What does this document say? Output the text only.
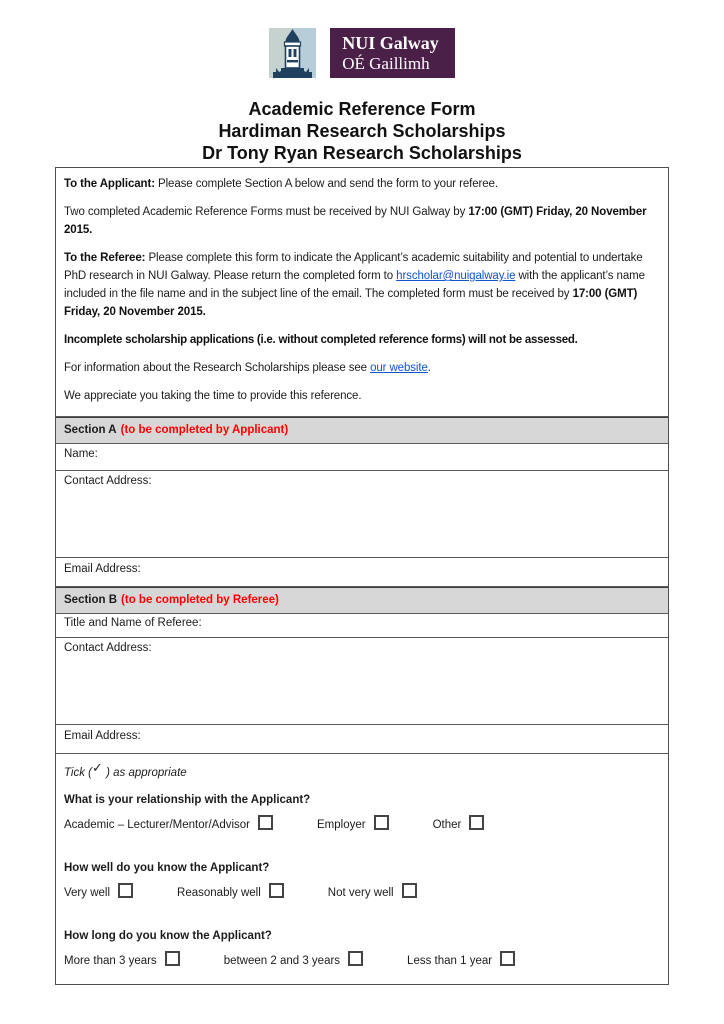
NUI Galway
OÉ Gaillimh
Academic Reference Form
Hardiman Research Scholarships
Dr Tony Ryan Research Scholarships

To the Applicant: Please complete Section A below and send the form to your referee.

Two completed Academic Reference Forms must be received by NUI Galway by 17:00 (GMT) Friday, 20 November 2015.

To the Referee: Please complete this form to indicate the Applicant’s academic suitability and potential to undertake PhD research in NUI Galway. Please return the completed form to hrscholar@nuigalway.ie with the applicant’s name included in the file name and in the subject line of the email. The completed form must be received by 17:00 (GMT) Friday, 20 November 2015.

Incomplete scholarship applications (i.e. without completed reference forms) will not be assessed.

For information about the Research Scholarships please see our website.

We appreciate you taking the time to provide this reference.

Section A (to be completed by Applicant)
Name:
Contact Address:
Email Address:
Section B (to be completed by Referee)
Title and Name of Referee:
Contact Address:
Email Address:

Tick (✓ ) as appropriate

What is your relationship with the Applicant?

Academic – Lecturer/Mentor/Advisor	Employer	Other

How well do you know the Applicant?

Very well	Reasonably well	Not very well

How long do you know the Applicant?

More than 3 years	between 2 and 3 years	Less than 1 year
